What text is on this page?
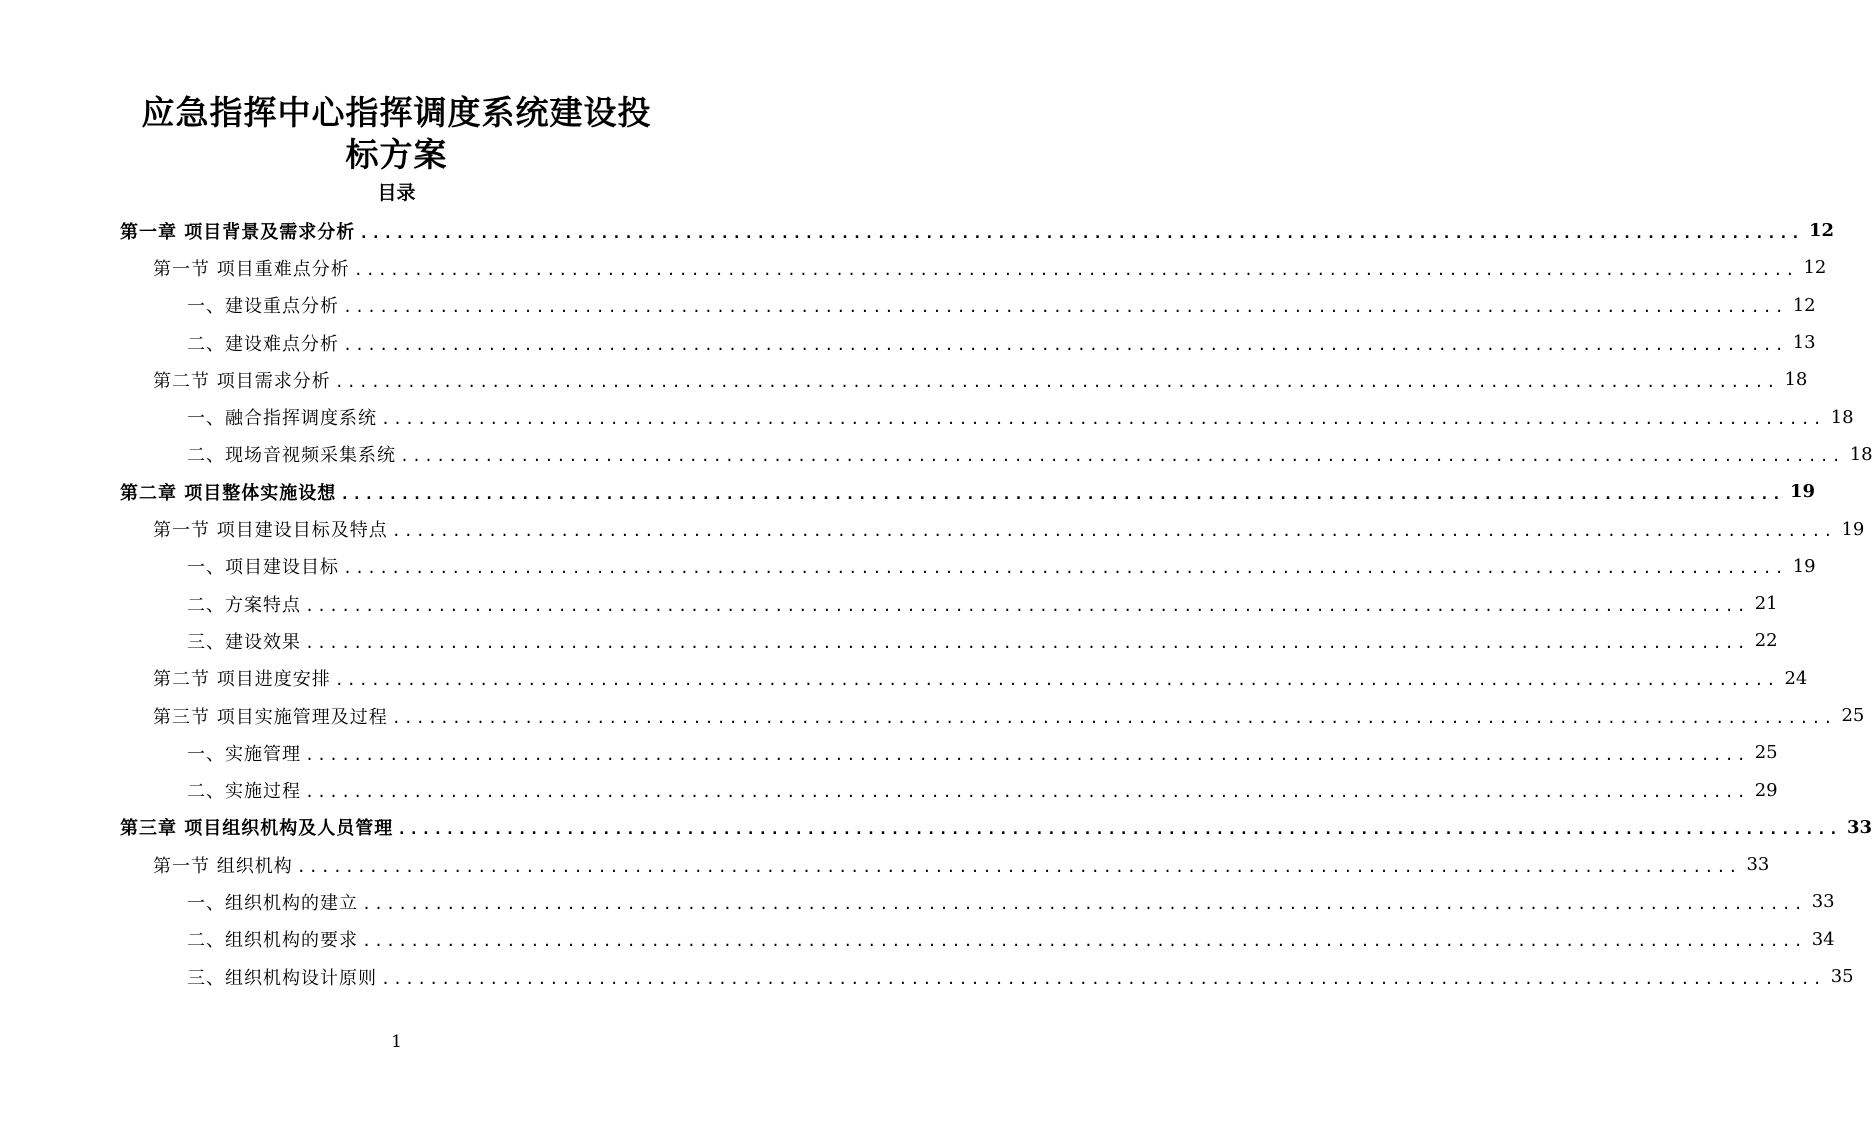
应急指挥中心指挥调度系统建设投
标方案
目录
第一章 项目背景及需求分析 ........................................................................................................................ 12
第一节 项目重难点分析 ........................................................................................................................ 12
一、建设重点分析 ........................................................................................................................ 12
二、建设难点分析 ........................................................................................................................ 13
第二节 项目需求分析 ........................................................................................................................ 18
一、融合指挥调度系统 ........................................................................................................................ 18
二、现场音视频采集系统 ........................................................................................................................ 18
第二章 项目整体实施设想 ........................................................................................................................ 19
第一节 项目建设目标及特点 ........................................................................................................................ 19
一、项目建设目标 ........................................................................................................................ 19
二、方案特点 ........................................................................................................................ 21
三、建设效果 ........................................................................................................................ 22
第二节 项目进度安排 ........................................................................................................................ 24
第三节 项目实施管理及过程 ........................................................................................................................ 25
一、实施管理 ........................................................................................................................ 25
二、实施过程 ........................................................................................................................ 29
第三章 项目组织机构及人员管理 ........................................................................................................................ 33
第一节 组织机构 ........................................................................................................................ 33
一、组织机构的建立 ........................................................................................................................ 33
二、组织机构的要求 ........................................................................................................................ 34
三、组织机构设计原则 ........................................................................................................................ 35
1
